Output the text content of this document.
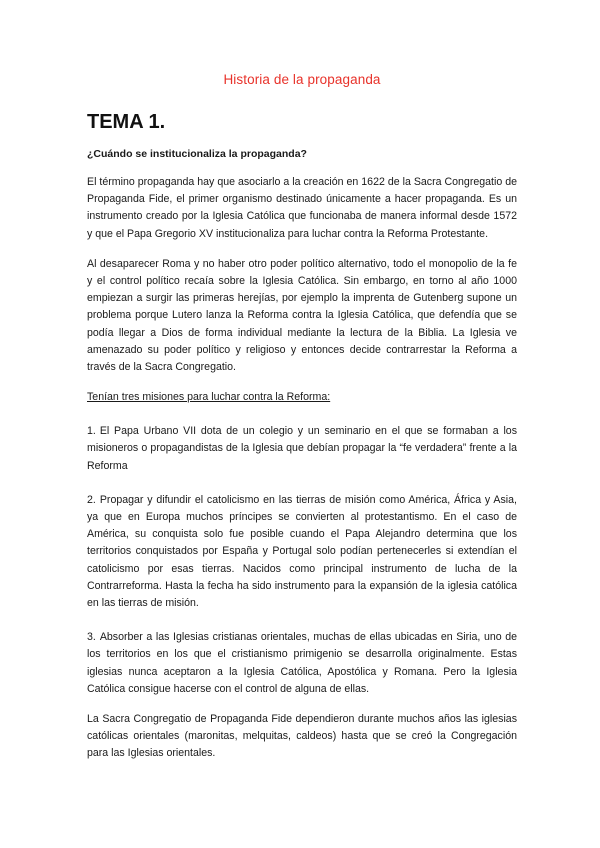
Historia de la propaganda
TEMA 1.
¿Cuándo se institucionaliza la propaganda?

El término propaganda hay que asociarlo a la creación en 1622 de la Sacra Congregatio de Propaganda Fide, el primer organismo destinado únicamente a hacer propaganda. Es un instrumento creado por la Iglesia Católica que funcionaba de manera informal desde 1572 y que el Papa Gregorio XV institucionaliza para luchar contra la Reforma Protestante.

Al desaparecer Roma y no haber otro poder político alternativo, todo el monopolio de la fe y el control político recaía sobre la Iglesia Católica. Sin embargo, en torno al año 1000 empiezan a surgir las primeras herejías, por ejemplo la imprenta de Gutenberg supone un problema porque Lutero lanza la Reforma contra la Iglesia Católica, que defendía que se podía llegar a Dios de forma individual mediante la lectura de la Biblia. La Iglesia ve amenazado su poder político y religioso y entonces decide contrarrestar la Reforma a través de la Sacra Congregatio.

Tenían tres misiones para luchar contra la Reforma:
1. El Papa Urbano VII dota de un colegio y un seminario en el que se formaban a los misioneros o propagandistas de la Iglesia que debían propagar la “fe verdadera” frente a la Reforma
2. Propagar y difundir el catolicismo en las tierras de misión como América, África y Asia, ya que en Europa muchos príncipes se convierten al protestantismo. En el caso de América, su conquista solo fue posible cuando el Papa Alejandro determina que los territorios conquistados por España y Portugal solo podían pertenecerles si extendían el catolicismo por esas tierras. Nacidos como principal instrumento de lucha de la Contrarreforma. Hasta la fecha ha sido instrumento para la expansión de la iglesia católica en las tierras de misión.
3. Absorber a las Iglesias cristianas orientales, muchas de ellas ubicadas en Siria, uno de los territorios en los que el cristianismo primigenio se desarrolla originalmente. Estas iglesias nunca aceptaron a la Iglesia Católica, Apostólica y Romana. Pero la Iglesia Católica consigue hacerse con el control de alguna de ellas.

La Sacra Congregatio de Propaganda Fide dependieron durante muchos años las iglesias católicas orientales (maronitas, melquitas, caldeos) hasta que se creó la Congregación para las Iglesias orientales.
